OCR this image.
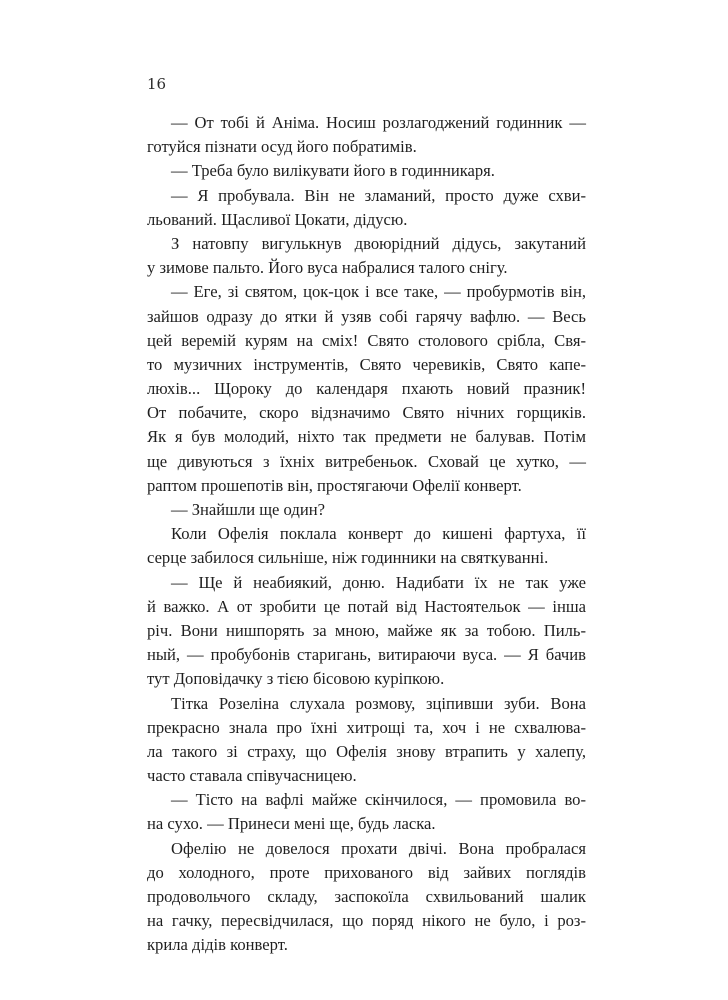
16
— От тобі й Аніма. Носиш розлагоджений годинник —
готуйся пізнати осуд його побратимів.
— Треба було вилікувати його в годинникаря.
— Я пробувала. Він не зламаний, просто дуже схви-
льований. Щасливої Цокати, дідусю.
З натовпу вигулькнув двоюрідний дідусь, закутаний
у зимове пальто. Його вуса набралися талого снігу.
— Еге, зі святом, цок-цок і все таке, — пробурмотів він,
зайшов одразу до ятки й узяв собі гарячу вафлю. — Весь
цей веремій курям на сміх! Свято столового срібла, Свя-
то музичних інструментів, Свято черевиків, Свято капе-
люхів... Щороку до календаря пхають новий празник!
От побачите, скоро відзначимо Свято нічних горщиків.
Як я був молодий, ніхто так предмети не балував. Потім
ще дивуються з їхніх витребеньок. Сховай це хутко, —
раптом прошепотів він, простягаючи Офелії конверт.
— Знайшли ще один?
Коли Офелія поклала конверт до кишені фартуха, її
серце забилося сильніше, ніж годинники на святкуванні.
— Ще й неабиякий, доню. Надибати їх не так уже
й важко. А от зробити це потай від Настоятельок — інша
річ. Вони нишпорять за мною, майже як за тобою. Пиль-
ный, — пробубонів старигань, витираючи вуса. — Я бачив
тут Доповідачку з тією бісовою куріпкою.
Тітка Розеліна слухала розмову, зціпивши зуби. Вона
прекрасно знала про їхні хитрощі та, хоч і не схвалюва-
ла такого зі страху, що Офелія знову втрапить у халепу,
часто ставала співучасницею.
— Тісто на вафлі майже скінчилося, — промовила во-
на сухо. — Принеси мені ще, будь ласка.
Офелію не довелося прохати двічі. Вона пробралася
до холодного, проте прихованого від зайвих поглядів
продовольчого складу, заспокоїла схвильований шалик
на гачку, пересвідчилася, що поряд нікого не було, і роз-
крила дідів конверт.
